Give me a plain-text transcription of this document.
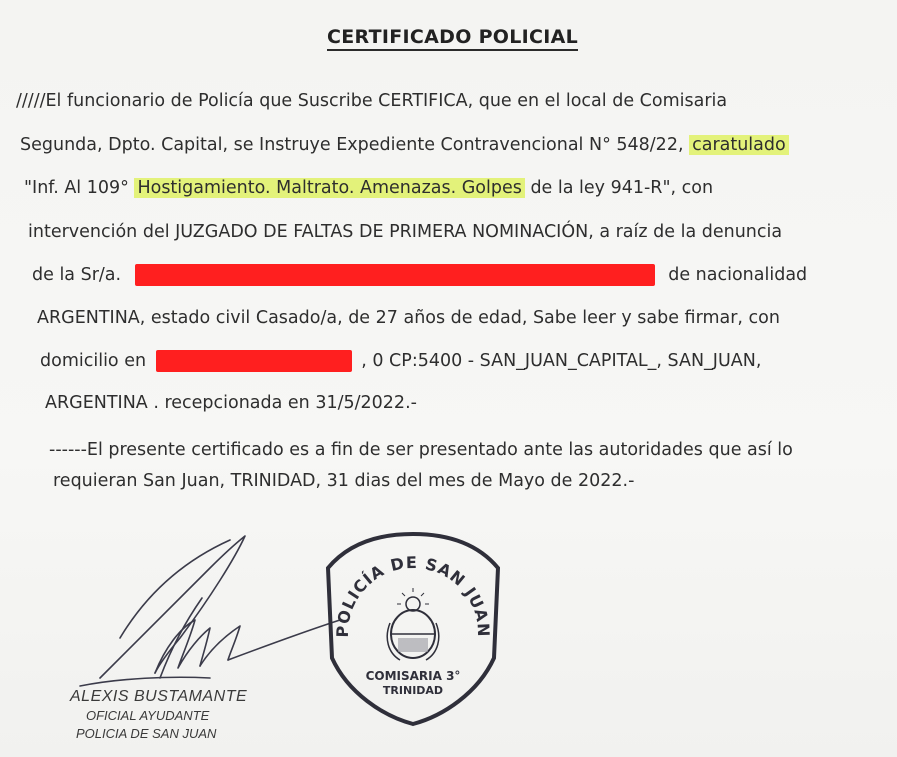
CERTIFICADO POLICIAL
/////El funcionario de Policía que Suscribe CERTIFICA, que en el local de Comisaria
Segunda, Dpto. Capital, se Instruye Expediente Contravencional N° 548/22, caratulado
"Inf. Al 109° Hostigamiento. Maltrato. Amenazas. Golpes de la ley 941-R", con
intervención del JUZGADO DE FALTAS DE PRIMERA NOMINACIÓN, a raíz de la denuncia
de la Sr/a.	de nacionalidad
ARGENTINA, estado civil Casado/a, de 27 años de edad, Sabe leer y sabe firmar, con
domicilio en	, 0 CP:5400 - SAN_JUAN_CAPITAL_, SAN_JUAN,
ARGENTINA . recepcionada en 31/5/2022.-
------El presente certificado es a fin de ser presentado ante las autoridades que así lo
requieran San Juan, TRINIDAD, 31 dias del mes de Mayo de 2022.-
ALEXIS BUSTAMANTE
OFICIAL AYUDANTE
POLICIA DE SAN JUAN
POLICÍA DE SAN JUAN
COMISARIA 3°
TRINIDAD
